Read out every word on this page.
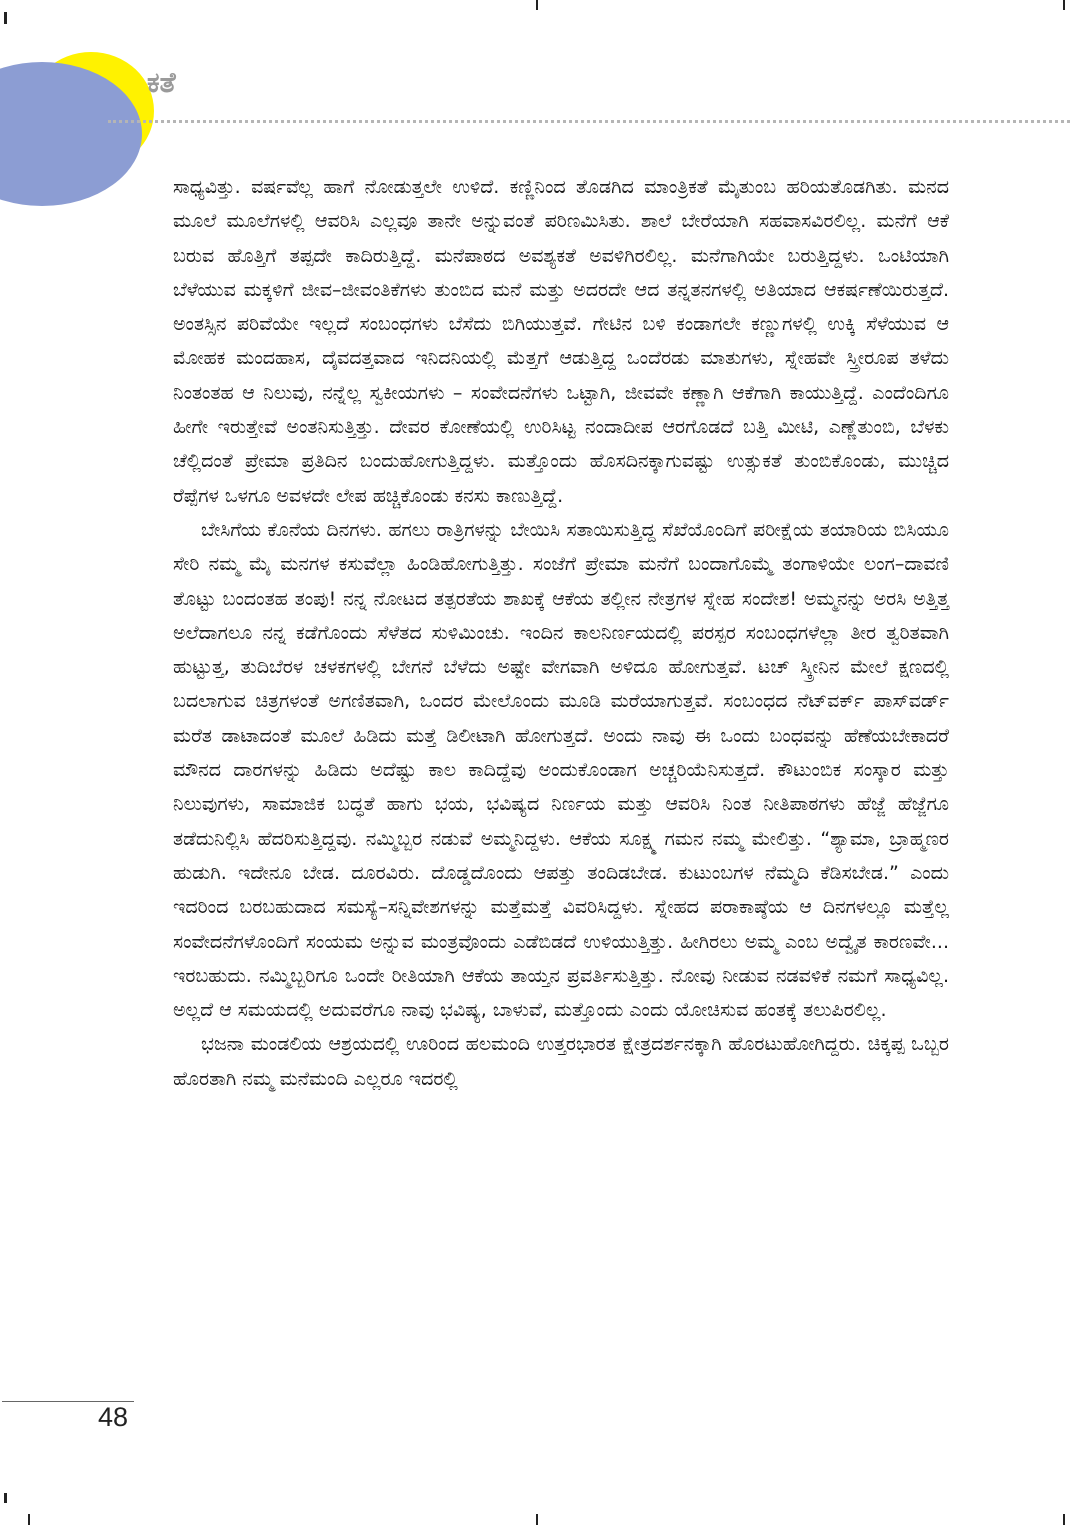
ಕತೆ

ಸಾಧ್ಯವಿತ್ತು. ವರ್ಷವೆಲ್ಲ ಹಾಗೆ ನೋಡುತ್ತಲೇ ಉಳಿದೆ. ಕಣ್ಣಿನಿಂದ ತೊಡಗಿದ ಮಾಂತ್ರಿಕತೆ ಮೈತುಂಬ ಹರಿಯತೊಡಗಿತು. ಮನದ ಮೂಲೆ ಮೂಲೆಗಳಲ್ಲಿ ಆವರಿಸಿ ಎಲ್ಲವೂ ತಾನೇ ಅನ್ನುವಂತೆ ಪರಿಣಮಿಸಿತು. ಶಾಲೆ ಬೇರೆಯಾಗಿ ಸಹವಾಸವಿರಲಿಲ್ಲ. ಮನೆಗೆ ಆಕೆ ಬರುವ ಹೊತ್ತಿಗೆ ತಪ್ಪದೇ ಕಾದಿರುತ್ತಿದ್ದೆ. ಮನೆಪಾಠದ ಅವಶ್ಯಕತೆ ಅವಳಿಗಿರಲಿಲ್ಲ. ಮನೆಗಾಗಿಯೇ ಬರುತ್ತಿದ್ದಳು. ಒಂಟಿಯಾಗಿ ಬೆಳೆಯುವ ಮಕ್ಕಳಿಗೆ ಜೀವ–ಜೀವಂತಿಕೆಗಳು ತುಂಬಿದ ಮನೆ ಮತ್ತು ಅದರದೇ ಆದ ತನ್ನತನಗಳಲ್ಲಿ ಅತಿಯಾದ ಆಕರ್ಷಣೆಯಿರುತ್ತದೆ. ಅಂತಸ್ಸಿನ ಪರಿವೆಯೇ ಇಲ್ಲದೆ ಸಂಬಂಧಗಳು ಬೆಸೆದು ಬಿಗಿಯುತ್ತವೆ. ಗೇಟಿನ ಬಳಿ ಕಂಡಾಗಲೇ ಕಣ್ಣುಗಳಲ್ಲಿ ಉಕ್ಕಿ ಸೆಳೆಯುವ ಆ ಮೋಹಕ ಮಂದಹಾಸ, ದೈವದತ್ತವಾದ ಇನಿದನಿಯಲ್ಲಿ ಮೆತ್ತಗೆ ಆಡುತ್ತಿದ್ದ ಒಂದೆರಡು ಮಾತುಗಳು, ಸ್ನೇಹವೇ ಸ್ತ್ರೀರೂಪ ತಳೆದು ನಿಂತಂತಹ ಆ ನಿಲುವು, ನನ್ನೆಲ್ಲ ಸ್ವಕೀಯಗಳು – ಸಂವೇದನೆಗಳು ಒಟ್ಟಾಗಿ, ಜೀವವೇ ಕಣ್ಣಾಗಿ ಆಕೆಗಾಗಿ ಕಾಯುತ್ತಿದ್ದೆ. ಎಂದೆಂದಿಗೂ ಹೀಗೇ ಇರುತ್ತೇವೆ ಅಂತನಿಸುತ್ತಿತ್ತು. ದೇವರ ಕೋಣೆಯಲ್ಲಿ ಉರಿಸಿಟ್ಟ ನಂದಾದೀಪ ಆರಗೊಡದೆ ಬತ್ತಿ ಮೀಟಿ, ಎಣ್ಣೆತುಂಬಿ, ಬೆಳಕು ಚೆಲ್ಲಿದಂತೆ ಪ್ರೇಮಾ ಪ್ರತಿದಿನ ಬಂದುಹೋಗುತ್ತಿದ್ದಳು. ಮತ್ತೊಂದು ಹೊಸದಿನಕ್ಕಾಗುವಷ್ಟು ಉತ್ಸುಕತೆ ತುಂಬಿಕೊಂಡು, ಮುಚ್ಚಿದ ರೆಪ್ಪೆಗಳ ಒಳಗೂ ಅವಳದೇ ಲೇಪ ಹಚ್ಚಿಕೊಂಡು ಕನಸು ಕಾಣುತ್ತಿದ್ದೆ.

ಬೇಸಿಗೆಯ ಕೊನೆಯ ದಿನಗಳು. ಹಗಲು ರಾತ್ರಿಗಳನ್ನು ಬೇಯಿಸಿ ಸತಾಯಿಸುತ್ತಿದ್ದ ಸೆಖೆಯೊಂದಿಗೆ ಪರೀಕ್ಷೆಯ ತಯಾರಿಯ ಬಿಸಿಯೂ ಸೇರಿ ನಮ್ಮ ಮೈ ಮನಗಳ ಕಸುವೆಲ್ಲಾ ಹಿಂಡಿಹೋಗುತ್ತಿತ್ತು. ಸಂಜೆಗೆ ಪ್ರೇಮಾ ಮನೆಗೆ ಬಂದಾಗೊಮ್ಮೆ ತಂಗಾಳಿಯೇ ಲಂಗ–ದಾವಣಿ ತೊಟ್ಟು ಬಂದಂತಹ ತಂಪು! ನನ್ನ ನೋಟದ ತತ್ಪರತೆಯ ಶಾಖಕ್ಕೆ ಆಕೆಯ ತಲ್ಲೀನ ನೇತ್ರಗಳ ಸ್ನೇಹ ಸಂದೇಶ! ಅಮ್ಮನನ್ನು ಅರಸಿ ಅತ್ತಿತ್ತ ಅಲೆದಾಗಲೂ ನನ್ನ ಕಡೆಗೊಂದು ಸೆಳೆತದ ಸುಳಿಮಿಂಚು. ಇಂದಿನ ಕಾಲನಿರ್ಣಯದಲ್ಲಿ ಪರಸ್ಪರ ಸಂಬಂಧಗಳೆಲ್ಲಾ ತೀರ ತ್ವರಿತವಾಗಿ ಹುಟ್ಟುತ್ತ, ತುದಿಬೆರಳ ಚಳಕಗಳಲ್ಲಿ ಬೇಗನೆ ಬೆಳೆದು ಅಷ್ಟೇ ವೇಗವಾಗಿ ಅಳಿದೂ ಹೋಗುತ್ತವೆ. ಟಚ್ ಸ್ಕ್ರೀನಿನ ಮೇಲೆ ಕ್ಷಣದಲ್ಲಿ ಬದಲಾಗುವ ಚಿತ್ರಗಳಂತೆ ಅಗಣಿತವಾಗಿ, ಒಂದರ ಮೇಲೊಂದು ಮೂಡಿ ಮರೆಯಾಗುತ್ತವೆ. ಸಂಬಂಧದ ನೆಟ್‌ವರ್ಕ್ ಪಾಸ್‌ವರ್ಡ್ ಮರೆತ ಡಾಟಾದಂತೆ ಮೂಲೆ ಹಿಡಿದು ಮತ್ತೆ ಡಿಲೀಟಾಗಿ ಹೋಗುತ್ತದೆ. ಅಂದು ನಾವು ಈ ಒಂದು ಬಂಧವನ್ನು ಹೆಣೆಯಬೇಕಾದರೆ ಮೌನದ ದಾರಗಳನ್ನು ಹಿಡಿದು ಅದೆಷ್ಟು ಕಾಲ ಕಾದಿದ್ದೆವು ಅಂದುಕೊಂಡಾಗ ಅಚ್ಚರಿಯೆನಿಸುತ್ತದೆ. ಕೌಟುಂಬಿಕ ಸಂಸ್ಕಾರ ಮತ್ತು ನಿಲುವುಗಳು, ಸಾಮಾಜಿಕ ಬದ್ಧತೆ ಹಾಗು ಭಯ, ಭವಿಷ್ಯದ ನಿರ್ಣಯ ಮತ್ತು ಆವರಿಸಿ ನಿಂತ ನೀತಿಪಾಠಗಳು ಹೆಜ್ಜೆ ಹೆಜ್ಜೆಗೂ ತಡೆದುನಿಲ್ಲಿಸಿ ಹೆದರಿಸುತ್ತಿದ್ದವು. ನಮ್ಮಿಬ್ಬರ ನಡುವೆ ಅಮ್ಮನಿದ್ದಳು. ಆಕೆಯ ಸೂಕ್ಷ್ಮ ಗಮನ ನಮ್ಮ ಮೇಲಿತ್ತು. “ಶ್ಯಾಮಾ, ಬ್ರಾಹ್ಮಣರ ಹುಡುಗಿ. ಇದೇನೂ ಬೇಡ. ದೂರವಿರು. ದೊಡ್ಡದೊಂದು ಆಪತ್ತು ತಂದಿಡಬೇಡ. ಕುಟುಂಬಗಳ ನೆಮ್ಮದಿ ಕೆಡಿಸಬೇಡ.” ಎಂದು ಇದರಿಂದ ಬರಬಹುದಾದ ಸಮಸ್ಯೆ–ಸನ್ನಿವೇಶಗಳನ್ನು ಮತ್ತೆಮತ್ತೆ ವಿವರಿಸಿದ್ದಳು. ಸ್ನೇಹದ ಪರಾಕಾಷ್ಠೆಯ ಆ ದಿನಗಳಲ್ಲೂ ಮತ್ತೆಲ್ಲ ಸಂವೇದನೆಗಳೊಂದಿಗೆ ಸಂಯಮ ಅನ್ನುವ ಮಂತ್ರವೊಂದು ಎಡೆಬಿಡದೆ ಉಳಿಯುತ್ತಿತ್ತು. ಹೀಗಿರಲು ಅಮ್ಮ ಎಂಬ ಅದ್ವೈತ ಕಾರಣವೇ... ಇರಬಹುದು. ನಮ್ಮಿಬ್ಬರಿಗೂ ಒಂದೇ ರೀತಿಯಾಗಿ ಆಕೆಯ ತಾಯ್ತನ ಪ್ರವರ್ತಿಸುತ್ತಿತ್ತು. ನೋವು ನೀಡುವ ನಡವಳಿಕೆ ನಮಗೆ ಸಾಧ್ಯವಿಲ್ಲ. ಅಲ್ಲದೆ ಆ ಸಮಯದಲ್ಲಿ ಅದುವರೆಗೂ ನಾವು ಭವಿಷ್ಯ, ಬಾಳುವೆ, ಮತ್ತೊಂದು ಎಂದು ಯೋಚಿಸುವ ಹಂತಕ್ಕೆ ತಲುಪಿರಲಿಲ್ಲ.

ಭಜನಾ ಮಂಡಲಿಯ ಆಶ್ರಯದಲ್ಲಿ ಊರಿಂದ ಹಲಮಂದಿ ಉತ್ತರಭಾರತ ಕ್ಷೇತ್ರದರ್ಶನಕ್ಕಾಗಿ ಹೊರಟುಹೋಗಿದ್ದರು. ಚಿಕ್ಕಪ್ಪ ಒಬ್ಬರ ಹೊರತಾಗಿ ನಮ್ಮ ಮನೆಮಂದಿ ಎಲ್ಲರೂ ಇದರಲ್ಲಿ

48
